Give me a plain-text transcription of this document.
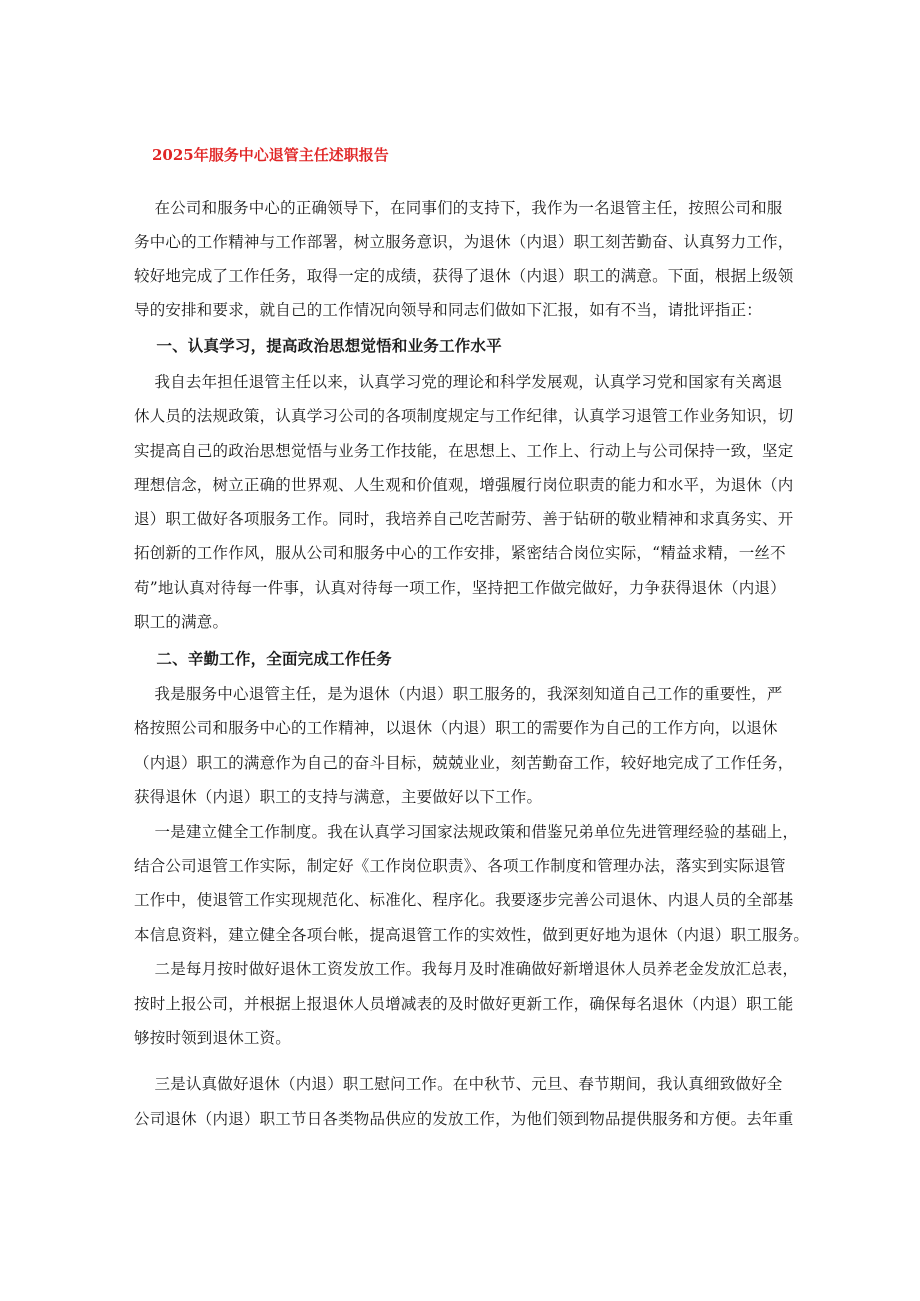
2025年服务中心退管主任述职报告
在公司和服务中心的正确领导下，在同事们的支持下，我作为一名退管主任，按照公司和服
务中心的工作精神与工作部署，树立服务意识，为退休（内退）职工刻苦勤奋、认真努力工作，
较好地完成了工作任务，取得一定的成绩，获得了退休（内退）职工的满意。下面，根据上级领
导的安排和要求，就自己的工作情况向领导和同志们做如下汇报，如有不当，请批评指正：
一、认真学习，提高政治思想觉悟和业务工作水平
我自去年担任退管主任以来，认真学习党的理论和科学发展观，认真学习党和国家有关离退
休人员的法规政策，认真学习公司的各项制度规定与工作纪律，认真学习退管工作业务知识，切
实提高自己的政治思想觉悟与业务工作技能，在思想上、工作上、行动上与公司保持一致，坚定
理想信念，树立正确的世界观、人生观和价值观，增强履行岗位职责的能力和水平，为退休（内
退）职工做好各项服务工作。同时，我培养自己吃苦耐劳、善于钻研的敬业精神和求真务实、开
拓创新的工作作风，服从公司和服务中心的工作安排，紧密结合岗位实际，“精益求精，一丝不
苟”地认真对待每一件事，认真对待每一项工作，坚持把工作做完做好，力争获得退休（内退）
职工的满意。
二、辛勤工作，全面完成工作任务
我是服务中心退管主任，是为退休（内退）职工服务的，我深刻知道自己工作的重要性，严
格按照公司和服务中心的工作精神，以退休（内退）职工的需要作为自己的工作方向，以退休
（内退）职工的满意作为自己的奋斗目标，兢兢业业，刻苦勤奋工作，较好地完成了工作任务，
获得退休（内退）职工的支持与满意，主要做好以下工作。
一是建立健全工作制度。我在认真学习国家法规政策和借鉴兄弟单位先进管理经验的基础上，
结合公司退管工作实际，制定好《工作岗位职责》、各项工作制度和管理办法，落实到实际退管
工作中，使退管工作实现规范化、标准化、程序化。我要逐步完善公司退休、内退人员的全部基
本信息资料，建立健全各项台帐，提高退管工作的实效性，做到更好地为退休（内退）职工服务。
二是每月按时做好退休工资发放工作。我每月及时准确做好新增退休人员养老金发放汇总表，
按时上报公司，并根据上报退休人员增减表的及时做好更新工作，确保每名退休（内退）职工能
够按时领到退休工资。
三是认真做好退休（内退）职工慰问工作。在中秋节、元旦、春节期间，我认真细致做好全
公司退休（内退）职工节日各类物品供应的发放工作，为他们领到物品提供服务和方便。去年重
